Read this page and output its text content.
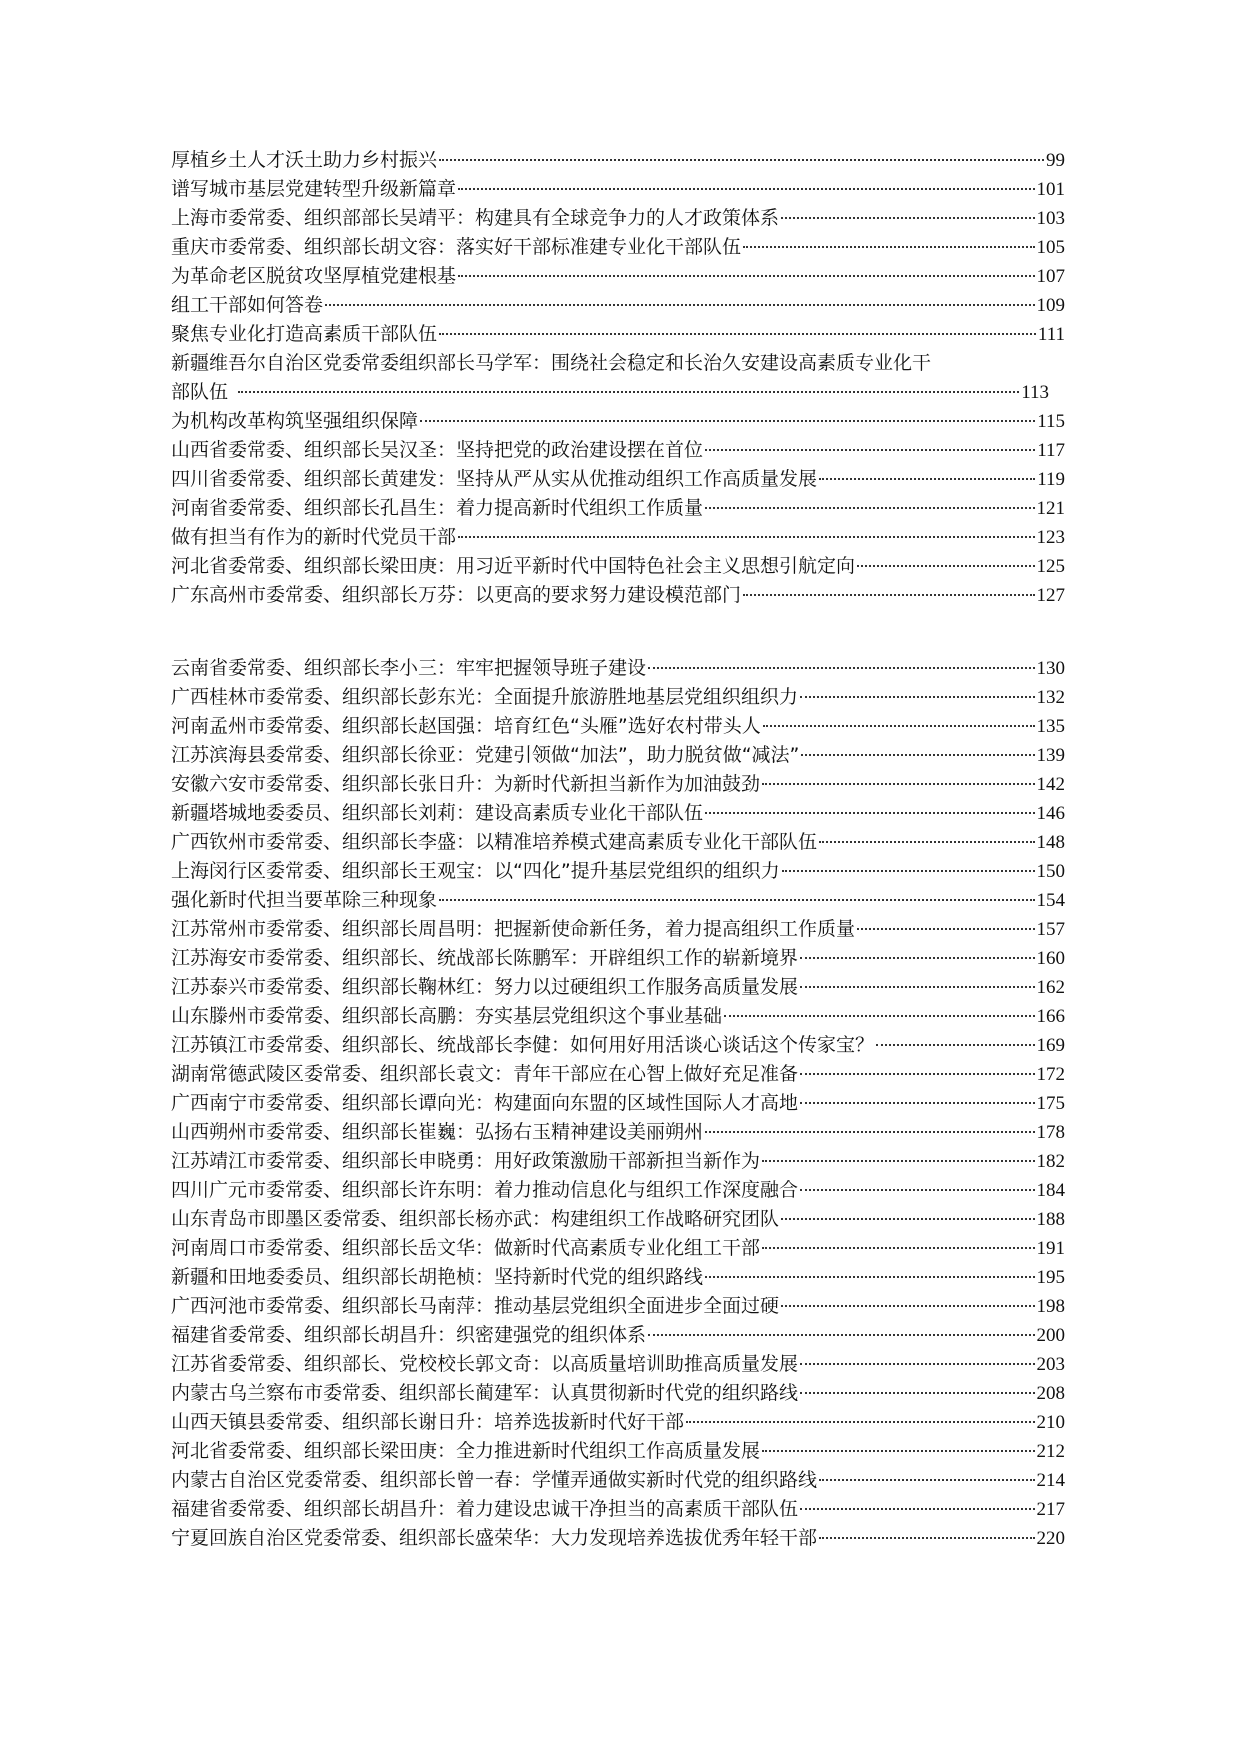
厚植乡土人才沃土助力乡村振兴	99
谱写城市基层党建转型升级新篇章	101
上海市委常委、组织部部长吴靖平：构建具有全球竞争力的人才政策体系	103
重庆市委常委、组织部长胡文容：落实好干部标准建专业化干部队伍	105
为革命老区脱贫攻坚厚植党建根基	107
组工干部如何答卷	109
聚焦专业化打造高素质干部队伍	111
新疆维吾尔自治区党委常委组织部长马学军：围绕社会稳定和长治久安建设高素质专业化干
部队伍	113
为机构改革构筑坚强组织保障	115
山西省委常委、组织部长吴汉圣：坚持把党的政治建设摆在首位	117
四川省委常委、组织部长黄建发：坚持从严从实从优推动组织工作高质量发展	119
河南省委常委、组织部长孔昌生：着力提高新时代组织工作质量	121
做有担当有作为的新时代党员干部	123
河北省委常委、组织部长梁田庚：用习近平新时代中国特色社会主义思想引航定向	125
广东高州市委常委、组织部长万芬：以更高的要求努力建设模范部门	127
云南省委常委、组织部长李小三：牢牢把握领导班子建设	130
广西桂林市委常委、组织部长彭东光：全面提升旅游胜地基层党组织组织力	132
河南孟州市委常委、组织部长赵国强：培育红色“头雁”选好农村带头人	135
江苏滨海县委常委、组织部长徐亚：党建引领做“加法”，助力脱贫做“减法”	139
安徽六安市委常委、组织部长张日升：为新时代新担当新作为加油鼓劲	142
新疆塔城地委委员、组织部长刘莉：建设高素质专业化干部队伍	146
广西钦州市委常委、组织部长李盛：以精准培养模式建高素质专业化干部队伍	148
上海闵行区委常委、组织部长王观宝：以“四化”提升基层党组织的组织力	150
强化新时代担当要革除三种现象	154
江苏常州市委常委、组织部长周昌明：把握新使命新任务，着力提高组织工作质量	157
江苏海安市委常委、组织部长、统战部长陈鹏军：开辟组织工作的崭新境界	160
江苏泰兴市委常委、组织部长鞠林红：努力以过硬组织工作服务高质量发展	162
山东滕州市委常委、组织部长高鹏：夯实基层党组织这个事业基础	166
江苏镇江市委常委、组织部长、统战部长李健：如何用好用活谈心谈话这个传家宝？	169
湖南常德武陵区委常委、组织部长袁文：青年干部应在心智上做好充足准备	172
广西南宁市委常委、组织部长谭向光：构建面向东盟的区域性国际人才高地	175
山西朔州市委常委、组织部长崔巍：弘扬右玉精神建设美丽朔州	178
江苏靖江市委常委、组织部长申晓勇：用好政策激励干部新担当新作为	182
四川广元市委常委、组织部长许东明：着力推动信息化与组织工作深度融合	184
山东青岛市即墨区委常委、组织部长杨亦武：构建组织工作战略研究团队	188
河南周口市委常委、组织部长岳文华：做新时代高素质专业化组工干部	191
新疆和田地委委员、组织部长胡艳桢：坚持新时代党的组织路线	195
广西河池市委常委、组织部长马南萍：推动基层党组织全面进步全面过硬	198
福建省委常委、组织部长胡昌升：织密建强党的组织体系	200
江苏省委常委、组织部长、党校校长郭文奇：以高质量培训助推高质量发展	203
内蒙古乌兰察布市委常委、组织部长蔺建军：认真贯彻新时代党的组织路线	208
山西天镇县委常委、组织部长谢日升：培养选拔新时代好干部	210
河北省委常委、组织部长梁田庚：全力推进新时代组织工作高质量发展	212
内蒙古自治区党委常委、组织部长曾一春：学懂弄通做实新时代党的组织路线	214
福建省委常委、组织部长胡昌升：着力建设忠诚干净担当的高素质干部队伍	217
宁夏回族自治区党委常委、组织部长盛荣华：大力发现培养选拔优秀年轻干部	220
